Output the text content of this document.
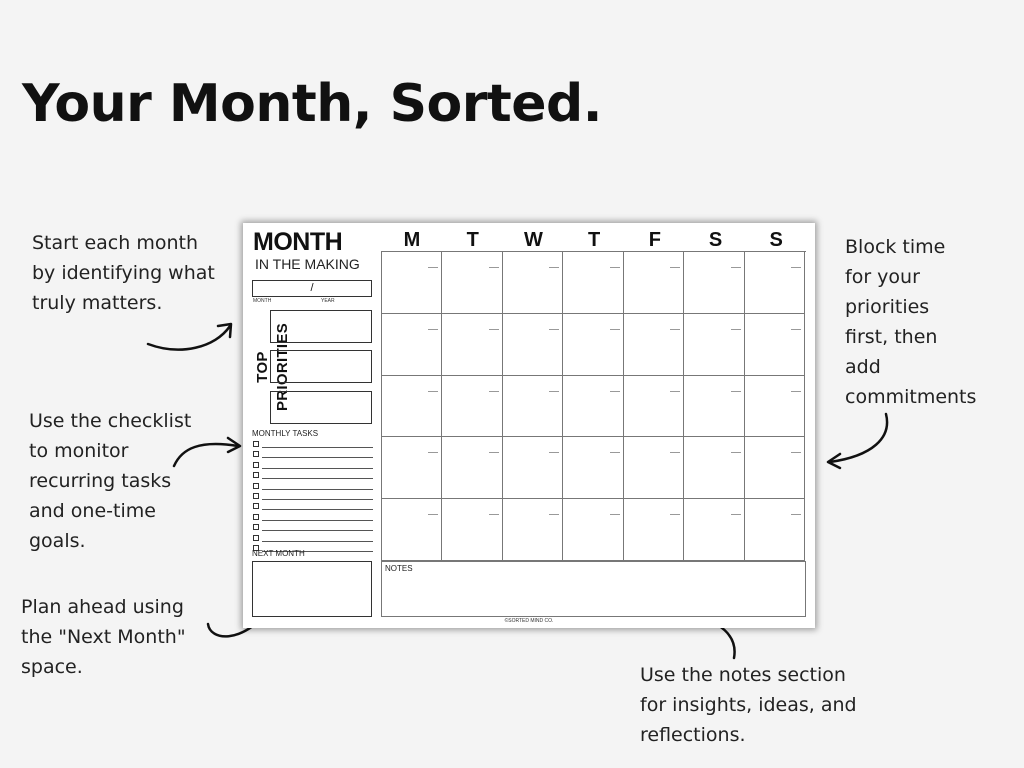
Your Month, Sorted.
Start each month
by identifying what
truly matters.
Use the checklist
to monitor
recurring tasks
and one-time
goals.
Plan ahead using
the "Next Month"
space.
Block time
for your
priorities
first, then
add
commitments
Use the notes section
for insights, ideas, and
reflections.
MONTH
IN THE MAKING
/
MONTH	YEAR
TOP PRIORITIES
MONTHLY TASKS
NEXT MONTH
M	T	W	T	F	S	S
NOTES
©SORTED MIND CO.
